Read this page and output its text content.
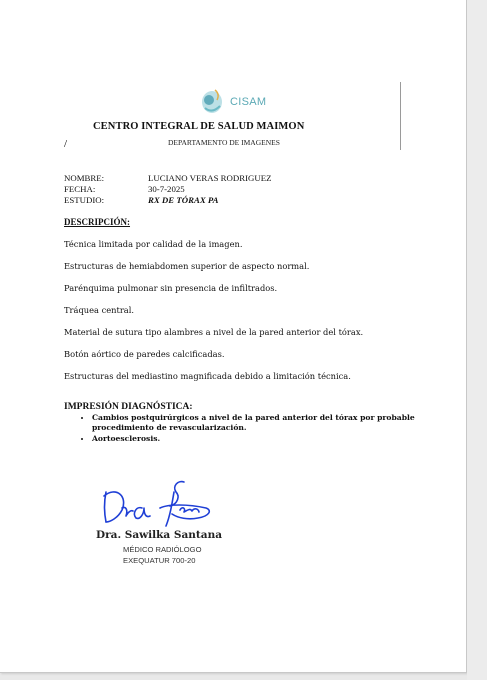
CISAM
CENTRO INTEGRAL DE SALUD MAIMON
/	DEPARTAMENTO DE IMAGENES
NOMBRE:	LUCIANO VERAS RODRIGUEZ
FECHA:	30-7-2025
ESTUDIO:	RX DE TÓRAX PA
DESCRIPCIÓN:
Técnica limitada por calidad de la imagen.
Estructuras de hemiabdomen superior de aspecto normal.
Parénquima pulmonar sin presencia de infiltrados.
Tráquea central.
Material de sutura tipo alambres a nivel de la pared anterior del tórax.
Botón aórtico de paredes calcificadas.
Estructuras del mediastino magnificada debido a limitación técnica.
IMPRESIÓN DIAGNÓSTICA:
• Cambios postquirúrgicos a nivel de la pared anterior del tórax por probable procedimiento de revascularización.
• Aortoesclerosis.
Dra. Sawilka Santana
MÉDICO RADIÓLOGO
EXEQUATUR 700-20
